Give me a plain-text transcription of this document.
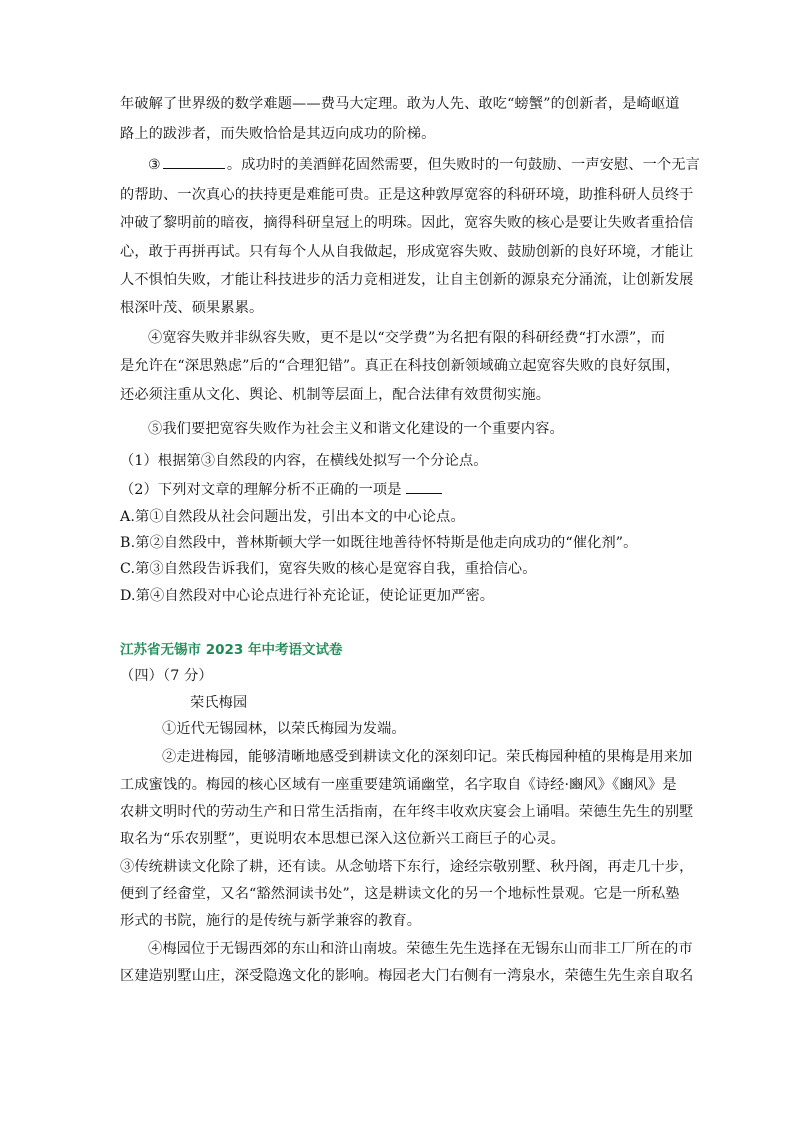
年破解了世界级的数学难题——费马大定理。敢为人先、敢吃“螃蟹”的创新者，是崎岖道
路上的跋涉者，而失败恰恰是其迈向成功的阶梯。
③	。成功时的美酒鲜花固然需要，但失败时的一句鼓励、一声安慰、一个无言
的帮助、一次真心的扶持更是难能可贵。正是这种敦厚宽容的科研环境，助推科研人员终于
冲破了黎明前的暗夜，摘得科研皇冠上的明珠。因此，宽容失败的核心是要让失败者重拾信
心，敢于再拼再试。只有每个人从自我做起，形成宽容失败、鼓励创新的良好环境，才能让
人不惧怕失败，才能让科技进步的活力竞相迸发，让自主创新的源泉充分涌流，让创新发展
根深叶茂、硕果累累。
④宽容失败并非纵容失败，更不是以“交学费”为名把有限的科研经费“打水漂”，而
是允许在“深思熟虑”后的“合理犯错”。真正在科技创新领域确立起宽容失败的良好氛围，
还必须注重从文化、舆论、机制等层面上，配合法律有效贯彻实施。
⑤我们要把宽容失败作为社会主义和谐文化建设的一个重要内容。
（1）根据第③自然段的内容，在横线处拟写一个分论点。
（2）下列对文章的理解分析不正确的一项是
A.第①自然段从社会问题出发，引出本文的中心论点。
B.第②自然段中，普林斯顿大学一如既往地善待怀特斯是他走向成功的“催化剂”。
C.第③自然段告诉我们，宽容失败的核心是宽容自我，重拾信心。
D.第④自然段对中心论点进行补充论证，使论证更加严密。
江苏省无锡市 2023 年中考语文试卷
（四）（7 分）
荣氏梅园
①近代无锡园林，以荣氏梅园为发端。
②走进梅园，能够清晰地感受到耕读文化的深刻印记。荣氏梅园种植的果梅是用来加
工成蜜饯的。梅园的核心区域有一座重要建筑诵幽堂，名字取自《诗经·豳风》《豳风》是
农耕文明时代的劳动生产和日常生活指南，在年终丰收欢庆宴会上诵唱。荣德生先生的别墅
取名为“乐农别墅”，更说明农本思想已深入这位新兴工商巨子的心灵。
③传统耕读文化除了耕，还有读。从念劬塔下东行，途经宗敬别墅、秋丹阁，再走几十步，
便到了经畲堂，又名“豁然洞读书处”，这是耕读文化的另一个地标性景观。它是一所私塾
形式的书院，施行的是传统与新学兼容的教育。
④梅园位于无锡西郊的东山和浒山南坡。荣德生先生选择在无锡东山而非工厂所在的市
区建造别墅山庄，深受隐逸文化的影响。梅园老大门右侧有一湾泉水，荣德生先生亲自取名
